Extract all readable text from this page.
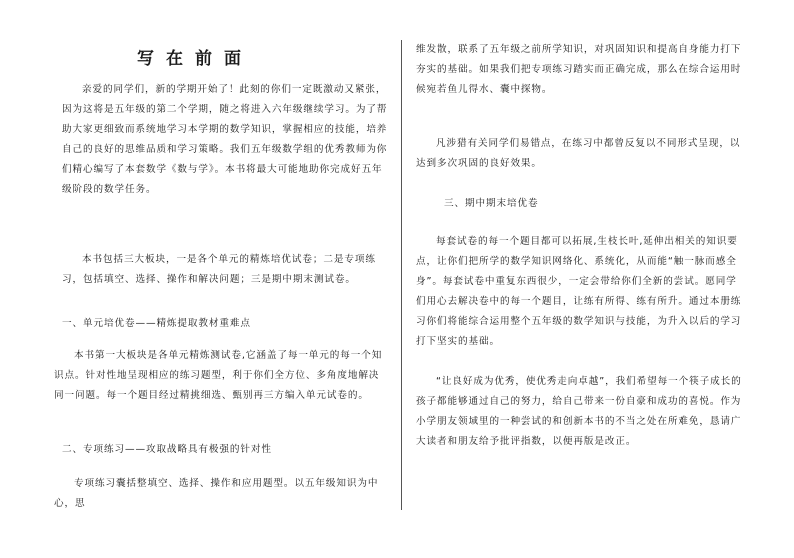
写在前面
亲爱的同学们，新的学期开始了！此刻的你们一定既激动又紧张，因为这将是五年级的第二个学期，随之将进入六年级继续学习。为了帮助大家更细致而系统地学习本学期的数学知识，掌握相应的技能，培养自己的良好的思维品质和学习策略。我们五年级数学组的优秀教师为你们精心编写了本套数学《数与学》。本书将最大可能地助你完成好五年级阶段的数学任务。
本书包括三大板块，一是各个单元的精炼培优试卷；二是专项练习，包括填空、选择、操作和解决问题；三是期中期末测试卷。
一、单元培优卷——精炼提取教材重难点
本书第一大板块是各单元精炼测试卷,它涵盖了每一单元的每一个知识点。针对性地呈现相应的练习题型，利于你们全方位、多角度地解决同一问题。每一个题目经过精挑细选、甄别再三方编入单元试卷的。
二、专项练习——攻取战略具有极强的针对性
专项练习囊括整填空、选择、操作和应用题型。以五年级知识为中心，思
维发散，联系了五年级之前所学知识，对巩固知识和提高自身能力打下夯实的基础。如果我们把专项练习踏实而正确完成，那么在综合运用时候宛若鱼儿得水、囊中探物。
凡涉猎有关同学们易错点，在练习中都曾反复以不同形式呈现，以达到多次巩固的良好效果。
三、期中期末培优卷
每套试卷的每一个题目都可以拓展,生枝长叶,延伸出相关的知识要点，让你们把所学的数学知识网络化、系统化，从而能“触一脉而感全身”。每套试卷中重复东西很少，一定会带给你们全新的尝试。愿同学们用心去解决卷中的每一个题目，让练有所得、练有所升。通过本册练习你们将能综合运用整个五年级的数学知识与技能，为升入以后的学习打下坚实的基础。
“让良好成为优秀，使优秀走向卓越”，我们希望每一个筷子成长的孩子都能够通过自己的努力，给自己带来一份自豪和成功的喜悦。作为小学朋友领域里的一种尝试的和创新本书的不当之处在所难免，恳请广大读者和朋友给予批评指数，以便再版是改正。
